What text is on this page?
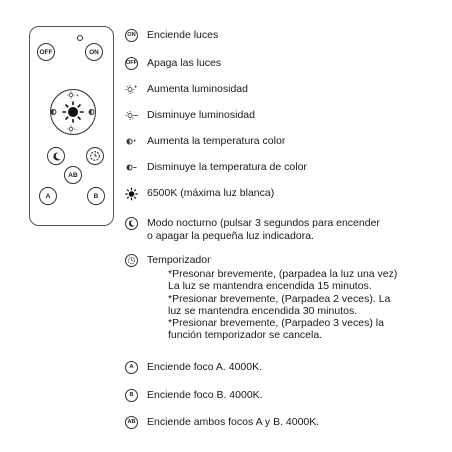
OFF	ON
+
-
AB
A	B
ON Enciende luces
OFF Apaga las luces
+ Aumenta luminosidad
Disminuye luminosidad
+ Aumenta la temperatura color
Disminuye la temperatura de color
6500K (máxima luz blanca)
Modo nocturno (pulsar 3 segundos para encender
o apagar la pequeña luz indicadora.
Temporizador
*Presonar brevemente, (parpadea la luz una vez)
La luz se mantendra encendida 15 minutos.
*Presionar brevemente, (Parpadea 2 veces). La
luz se mantendra encendida 30 minutos.
*Presionar brevemente, (Parpadeo 3 veces) la
función temporizador se cancela.
A	Enciende foco A. 4000K.
B	Enciende foco B. 4000K.
AB Enciende ambos focos A y B. 4000K.
